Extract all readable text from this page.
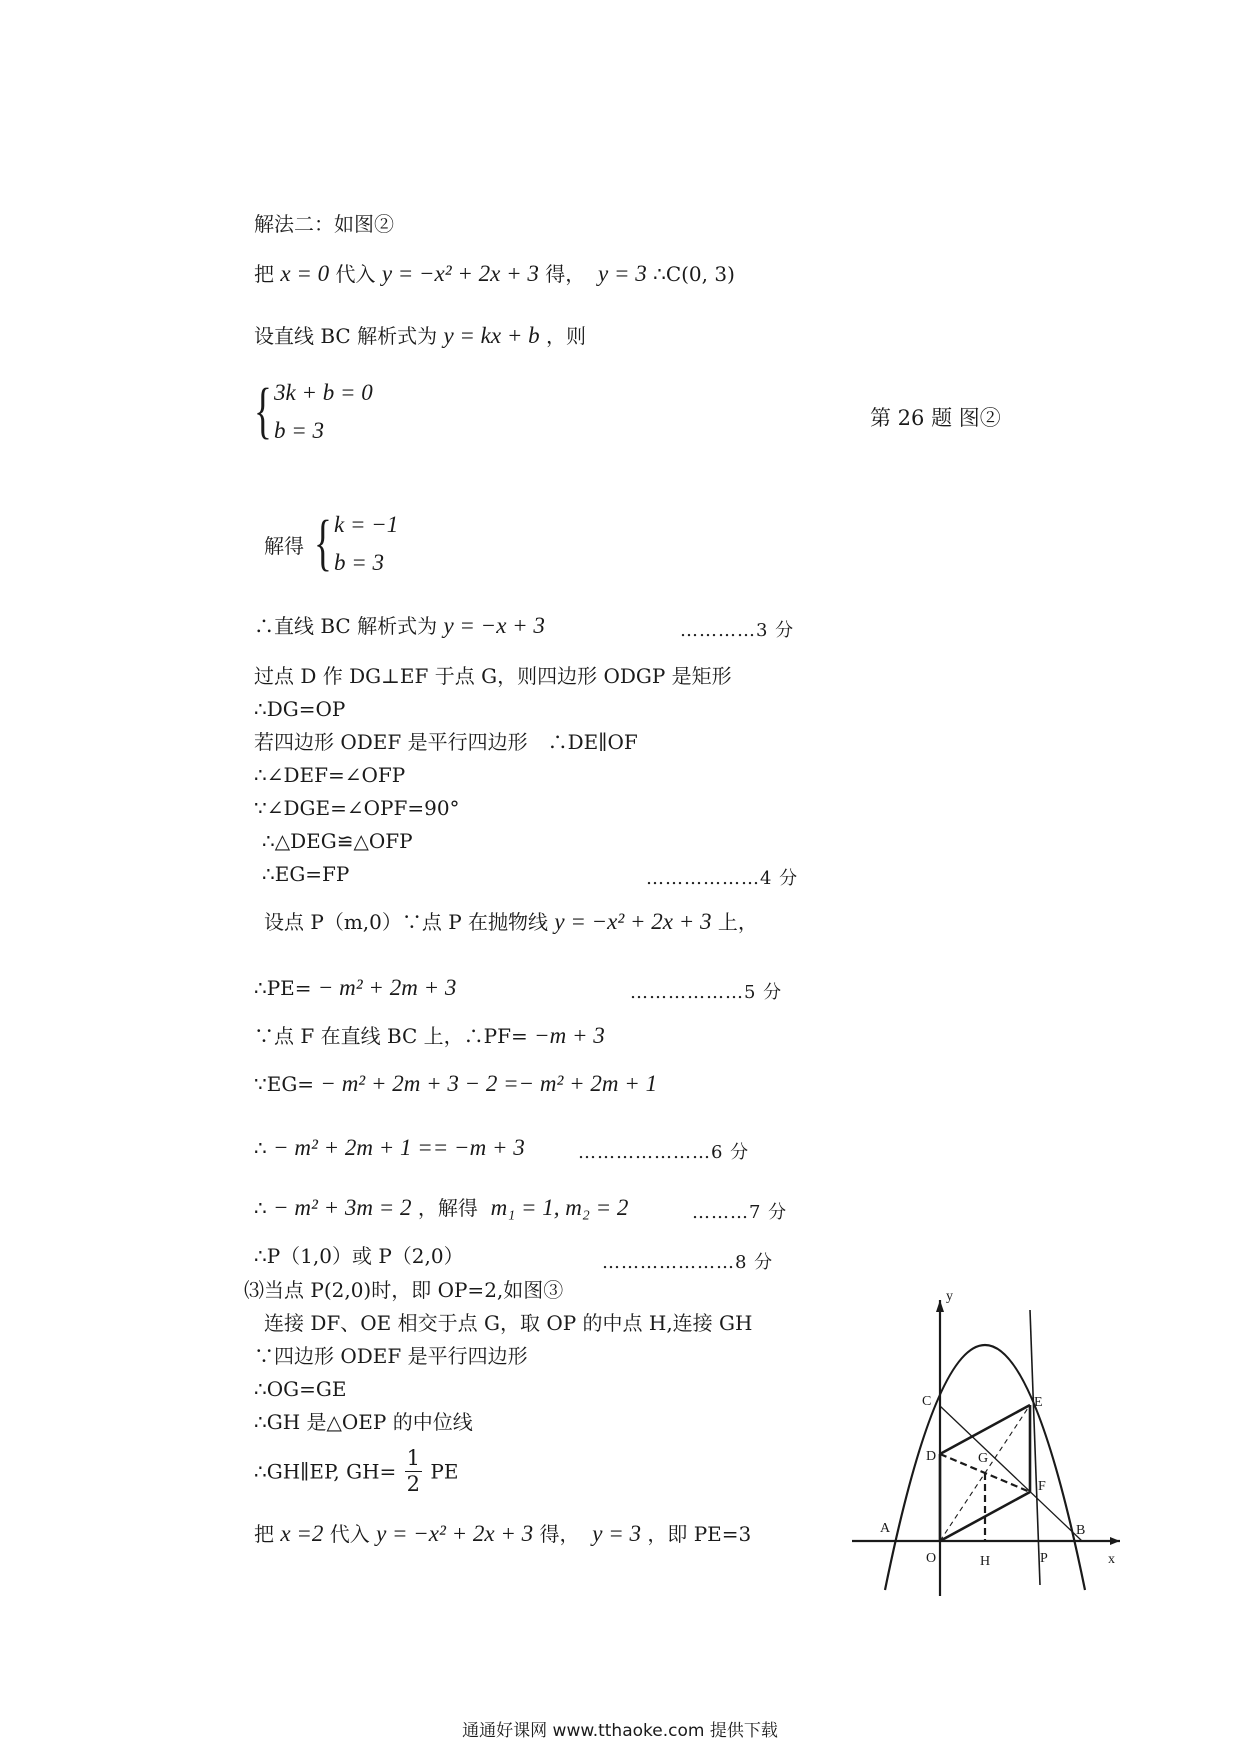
解法二：如图②
把 x = 0 代入 y = −x² + 2x + 3 得， y = 3 ∴C(0, 3)
设直线 BC 解析式为 y = kx + b ，则
{ 3k + b = 0
b = 3	第 26 题 图②
解得 { k = −1
b = 3
∴直线 BC 解析式为 y = −x + 3	…………3 分
过点 D 作 DG⊥EF 于点 G，则四边形 ODGP 是矩形
∴DG=OP
若四边形 ODEF 是平行四边形　∴DE∥OF
∴∠DEF=∠OFP
∵∠DGE=∠OPF=90°
∴△DEG≌△OFP
∴EG=FP	………………4 分
设点 P（m,0）∵点 P 在抛物线 y = −x² + 2x + 3 上，
∴PE= − m² + 2m + 3	………………5 分
∵点 F 在直线 BC 上，∴PF= −m + 3
∵EG= − m² + 2m + 3 − 2 =− m² + 2m + 1
∴ − m² + 2m + 1 == −m + 3	…………………6 分
∴ − m² + 3m = 2 ，解得 m₁ = 1, m₂ = 2	………7 分
∴P（1,0）或 P（2,0）	…………………8 分
⑶当点 P(2,0)时，即 OP=2,如图③
连接 DF、OE 相交于点 G，取 OP 的中点 H,连接 GH
∵四边形 ODEF 是平行四边形
∴OG=GE
∴GH 是△OEP 的中位线
∴GH∥EP, $GH= \frac{1}{2}$ PE
把 x =2 代入 y = −x² + 2x + 3 得， y = 3 ，即 PE=3
y
x
C	E
D	G
F
A
O	H	P
B
通通好课网 www.tthaoke.com 提供下载
